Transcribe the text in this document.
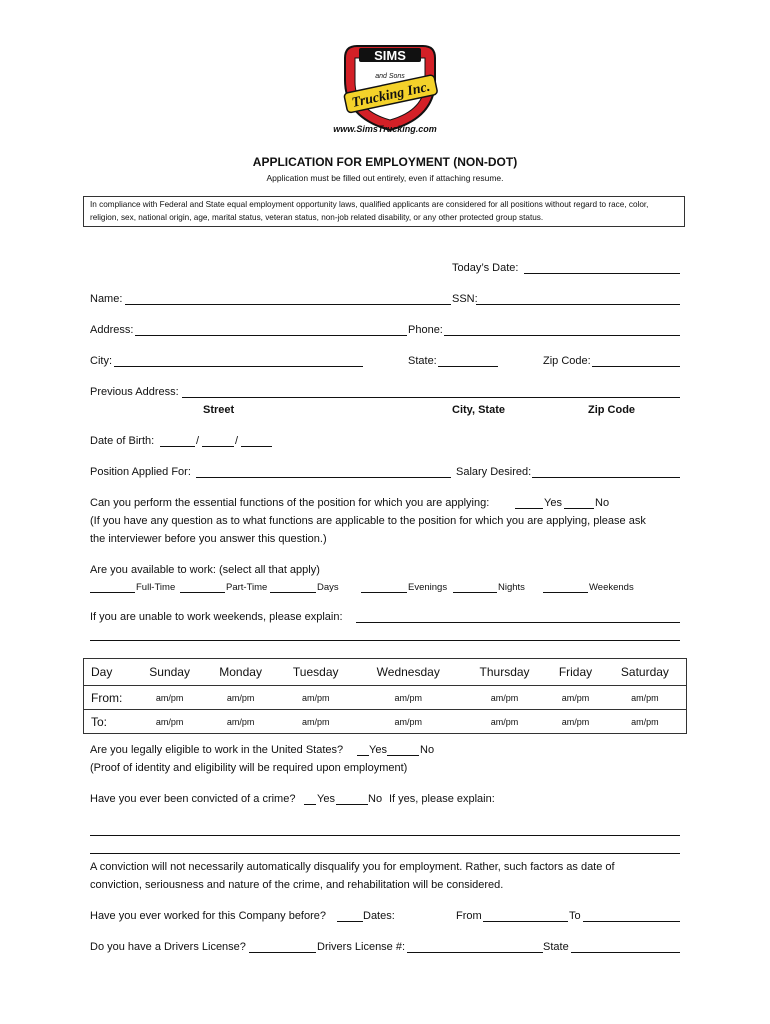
SIMS
and Sons
Trucking Inc.
www.SimsTrucking.com
APPLICATION FOR EMPLOYMENT (NON-DOT)
Application must be filled out entirely, even if attaching resume.
In compliance with Federal and State equal employment opportunity laws, qualified applicants are considered for all positions without regard to race, color, religion, sex, national origin, age, marital status, veteran status, non-job related disability, or any other protected group status.
Today’s Date:
Name:	SSN:
Address:	Phone:
City:	State:	Zip Code:
Previous Address:
Street	City, State	Zip Code
Date of Birth:	/	/
Position Applied For:	Salary Desired:
Can you perform the essential functions of the position for which you are applying:	Yes	No
(If you have any question as to what functions are applicable to the position for which you are applying, please ask
the interviewer before you answer this question.)
Are you available to work: (select all that apply)
Full-Time	Part-Time	Days	Evenings	Nights	Weekends
If you are unable to work weekends, please explain:
Day	Sunday	Monday	Tuesday	Wednesday	Thursday	Friday	Saturday
From:	am/pm	am/pm	am/pm	am/pm	am/pm	am/pm	am/pm
To:	am/pm	am/pm	am/pm	am/pm	am/pm	am/pm	am/pm
Are you legally eligible to work in the United States? Yes	No
(Proof of identity and eligibility will be required upon employment)
Have you ever been convicted of a crime? Yes	No If yes, please explain:
A conviction will not necessarily automatically disqualify you for employment. Rather, such factors as date of
conviction, seriousness and nature of the crime, and rehabilitation will be considered.
Have you ever worked for this Company before?	Dates:	From	To
Do you have a Drivers License?	Drivers License #:	State
